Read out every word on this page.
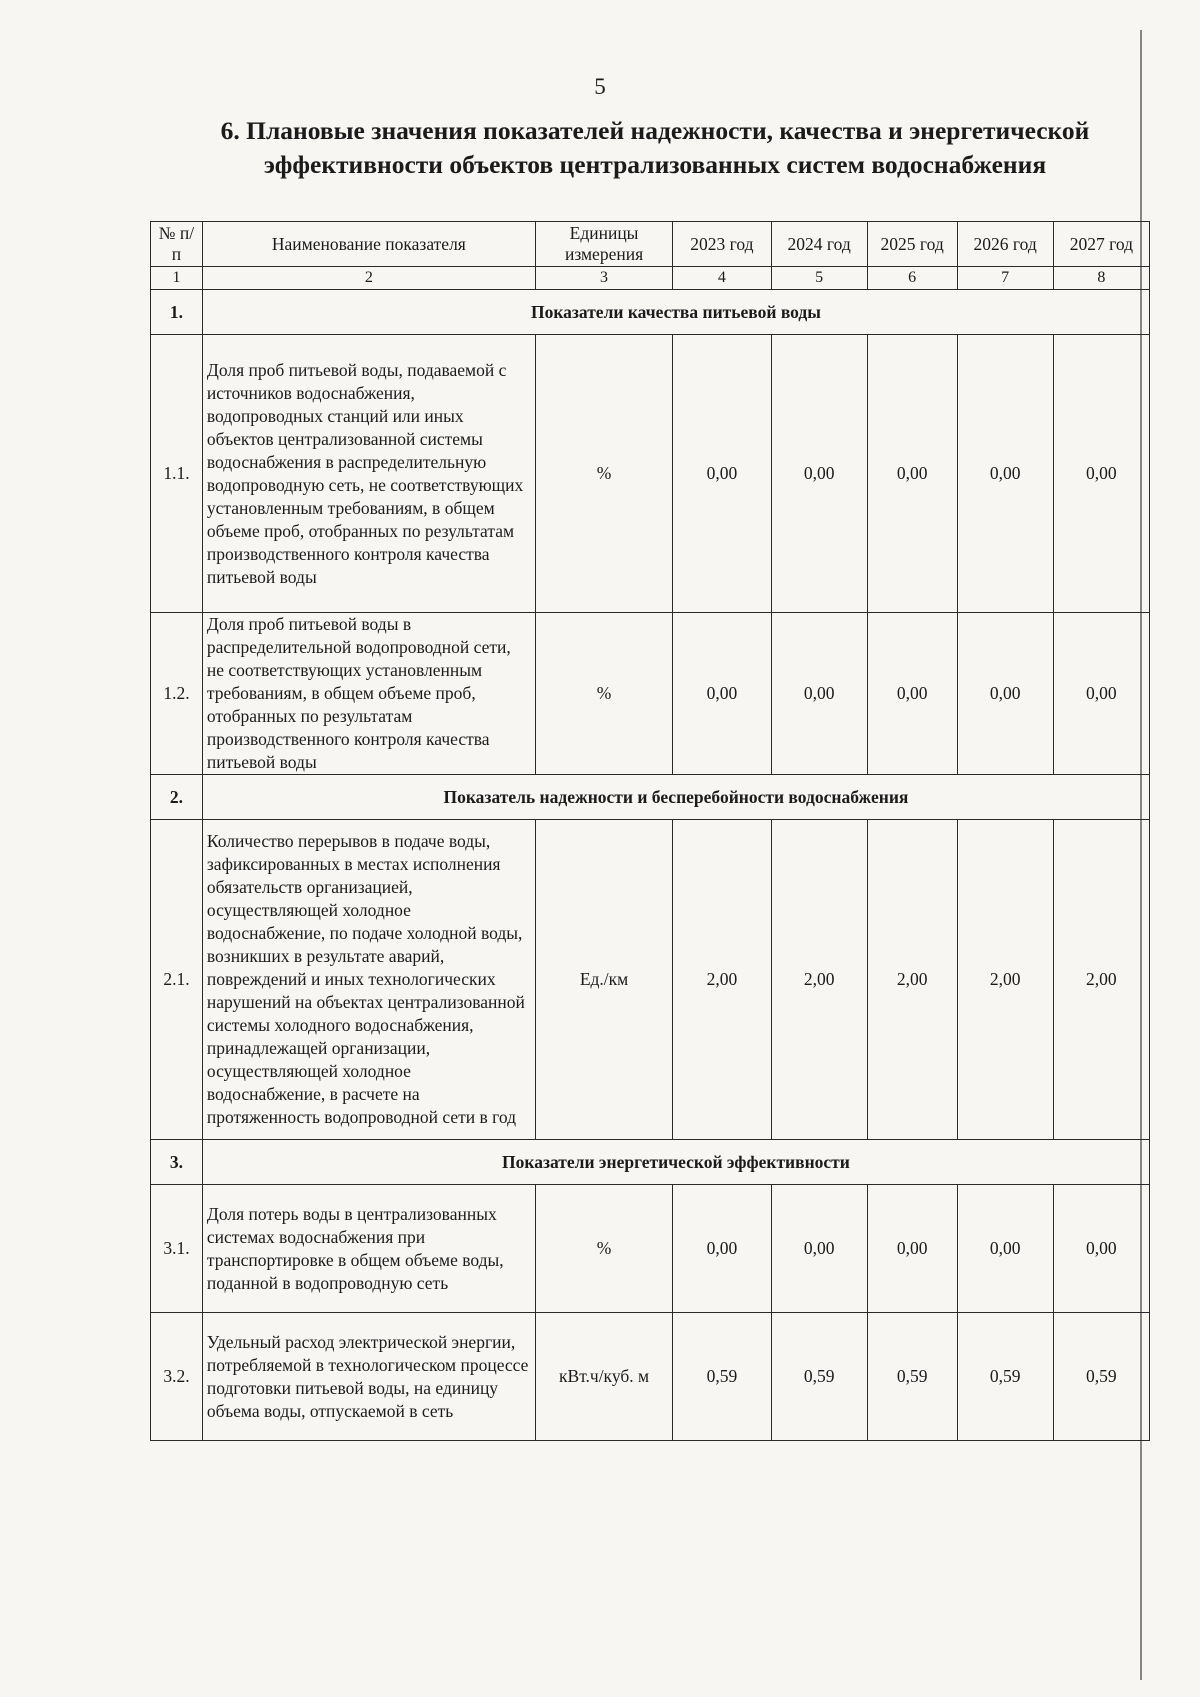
5
6. Плановые значения показателей надежности, качества и энергетической эффективности объектов централизованных систем водоснабжения
№ п/п	Наименование показателя	Единицы измерения	2023 год	2024 год	2025 год	2026 год	2027 год
1	2	3	4	5	6	7	8
1.	Показатели качества питьевой воды						
1.1.	Доля проб питьевой воды, подаваемой с источников водоснабжения, водопроводных станций или иных объектов централизованной системы водоснабжения в распределительную водопроводную сеть, не соответствующих установленным требованиям, в общем объеме проб, отобранных по результатам производственного контроля качества питьевой воды	%	0,00	0,00	0,00	0,00	0,00
1.2.	Доля проб питьевой воды в распределительной водопроводной сети, не соответствующих установленным требованиям, в общем объеме проб, отобранных по результатам производственного контроля качества питьевой воды	%	0,00	0,00	0,00	0,00	0,00
2.	Показатель надежности и бесперебойности водоснабжения						
2.1.	Количество перерывов в подаче воды, зафиксированных в местах исполнения обязательств организацией, осуществляющей холодное водоснабжение, по подаче холодной воды, возникших в результате аварий, повреждений и иных технологических нарушений на объектах централизованной системы холодного водоснабжения, принадлежащей организации, осуществляющей холодное водоснабжение, в расчете на протяженность водопроводной сети в год	Ед./км	2,00	2,00	2,00	2,00	2,00
3.	Показатели энергетической эффективности						
3.1.	Доля потерь воды в централизованных системах водоснабжения при транспортировке в общем объеме воды, поданной в водопроводную сеть	%	0,00	0,00	0,00	0,00	0,00
3.2.	Удельный расход электрической энергии, потребляемой в технологическом процессе подготовки питьевой воды, на единицу объема воды, отпускаемой в сеть	кВт.ч/куб. м	0,59	0,59	0,59	0,59	0,59
